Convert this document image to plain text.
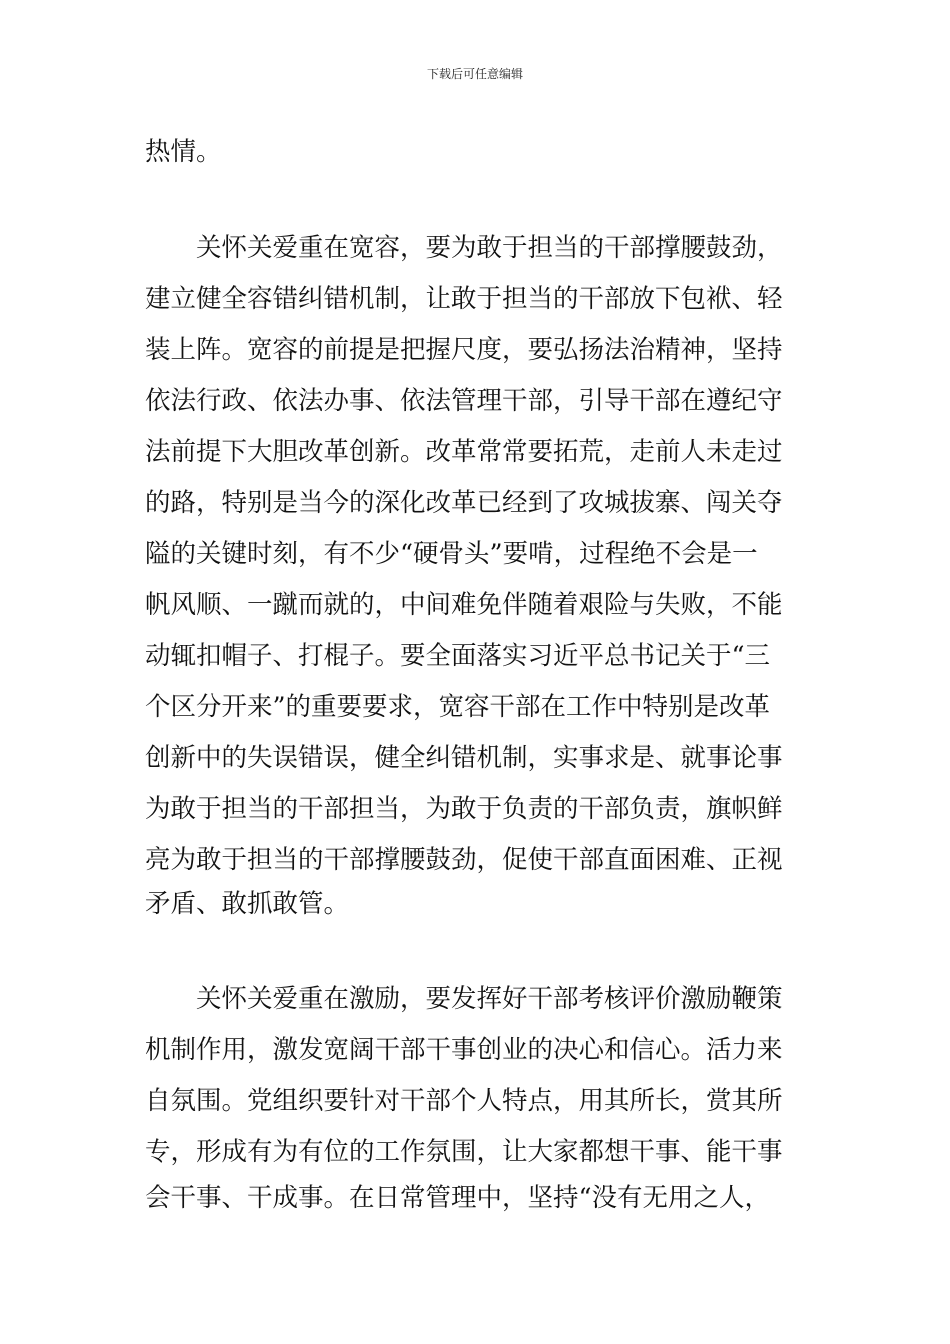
下载后可任意编辑
热情。
　　关怀关爱重在宽容，要为敢于担当的干部撑腰鼓劲，
建立健全容错纠错机制，让敢于担当的干部放下包袱、轻
装上阵。宽容的前提是把握尺度，要弘扬法治精神，坚持
依法行政、依法办事、依法管理干部，引导干部在遵纪守
法前提下大胆改革创新。改革常常要拓荒，走前人未走过
的路，特别是当今的深化改革已经到了攻城拔寨、闯关夺
隘的关键时刻，有不少“硬骨头”要啃，过程绝不会是一
帆风顺、一蹴而就的，中间难免伴随着艰险与失败，不能
动辄扣帽子、打棍子。要全面落实习近平总书记关于“三
个区分开来”的重要要求，宽容干部在工作中特别是改革
创新中的失误错误，健全纠错机制，实事求是、就事论事
为敢于担当的干部担当，为敢于负责的干部负责，旗帜鲜
亮为敢于担当的干部撑腰鼓劲，促使干部直面困难、正视
矛盾、敢抓敢管。
　　关怀关爱重在激励，要发挥好干部考核评价激励鞭策
机制作用，激发宽阔干部干事创业的决心和信心。活力来
自氛围。党组织要针对干部个人特点，用其所长，赏其所
专，形成有为有位的工作氛围，让大家都想干事、能干事
会干事、干成事。在日常管理中，坚持“没有无用之人，
